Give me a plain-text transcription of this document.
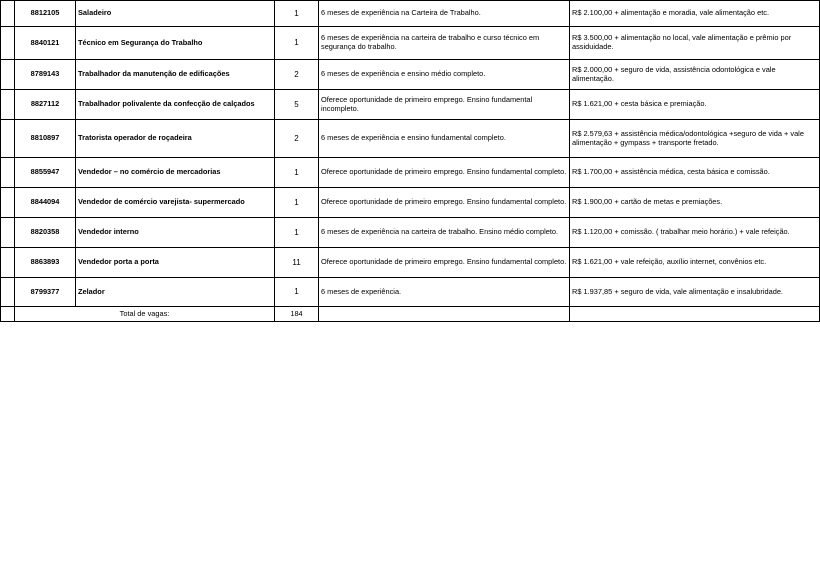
	8812105	Saladeiro	1	6 meses de experiência na Carteira de Trabalho.	R$ 2.100,00 + alimentação e moradia, vale alimentação etc.
	8840121	Técnico em Segurança do Trabalho	1	6 meses de experiência na carteira de trabalho e curso técnico em segurança do trabalho.	R$ 3.500,00 + alimentação no local, vale alimentação e prêmio por assiduidade.
	8789143	Trabalhador da manutenção de edificações	2	6 meses de experiência e ensino médio completo.	R$ 2.000,00 + seguro de vida, assistência odontológica e vale alimentação.
	8827112	Trabalhador polivalente da confecção de calçados	5	Oferece oportunidade de primeiro emprego. Ensino fundamental incompleto.	R$ 1.621,00 + cesta básica e premiação.
	8810897	Tratorista operador de roçadeira	2	6 meses de experiência e ensino fundamental completo.	R$ 2.579,63 + assistência médica/odontológica +seguro de vida + vale alimentação + gympass + transporte fretado.
	8855947	Vendedor – no comércio de mercadorias	1	Oferece oportunidade de primeiro emprego. Ensino fundamental completo.	R$ 1.700,00 + assistência médica, cesta básica e comissão.
	8844094	Vendedor de comércio varejista- supermercado	1	Oferece oportunidade de primeiro emprego. Ensino fundamental completo.	R$ 1.900,00 + cartão de metas e premiações.
	8820358	Vendedor interno	1	6 meses de experiência na carteira de trabalho. Ensino médio completo.	R$ 1.120,00 + comissão. ( trabalhar meio horário.) + vale refeição.
	8863893	Vendedor porta a porta	11	Oferece oportunidade de primeiro emprego. Ensino fundamental completo.	R$ 1.621,00 + vale refeição, auxílio internet, convênios etc.
	8799377	Zelador	1	6 meses de experiência.	R$ 1.937,85 + seguro de vida, vale alimentação e insalubridade.
	Total de vagas:		184		
